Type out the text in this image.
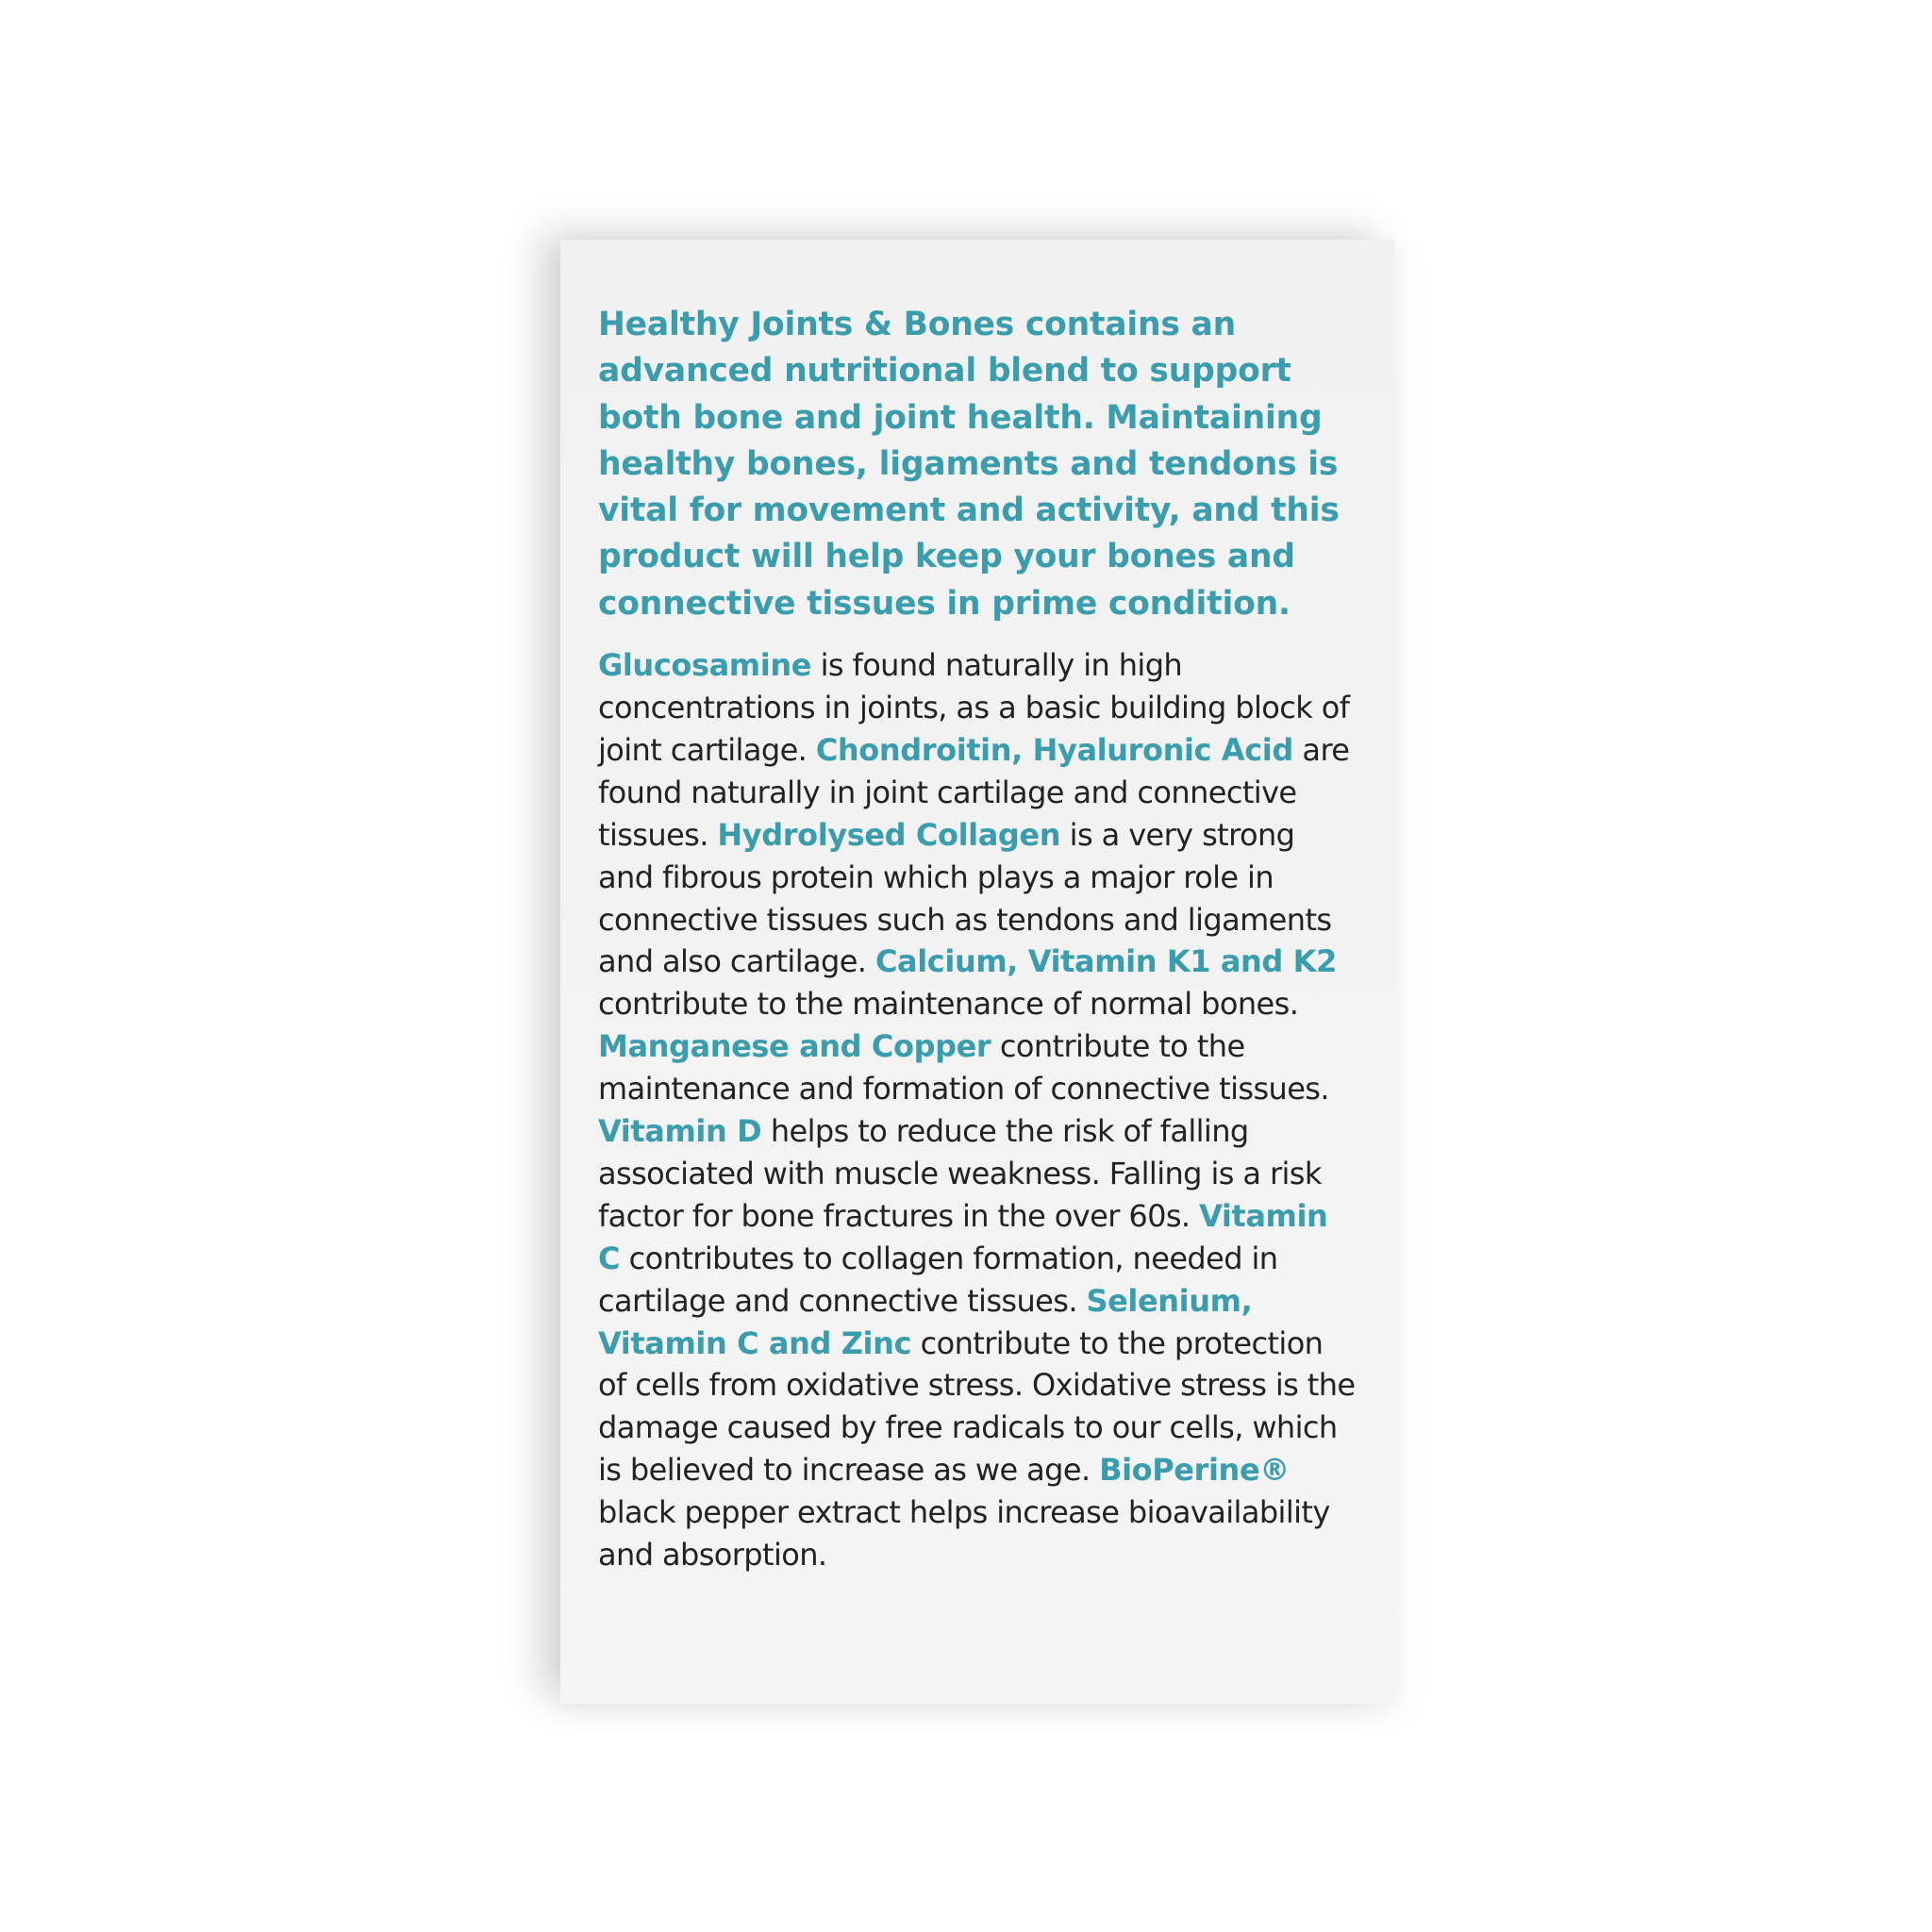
Healthy Joints & Bones contains an advanced nutritional blend to support both bone and joint health. Maintaining healthy bones, ligaments and tendons is vital for movement and activity, and this product will help keep your bones and connective tissues in prime condition.

Glucosamine is found naturally in high concentrations in joints, as a basic building block of joint cartilage. Chondroitin, Hyaluronic Acid are found naturally in joint cartilage and connective tissues. Hydrolysed Collagen is a very strong and fibrous protein which plays a major role in connective tissues such as tendons and ligaments and also cartilage. Calcium, Vitamin K1 and K2 contribute to the maintenance of normal bones. Manganese and Copper contribute to the maintenance and formation of connective tissues. Vitamin D helps to reduce the risk of falling associated with muscle weakness. Falling is a risk factor for bone fractures in the over 60s. Vitamin C contributes to collagen formation, needed in cartilage and connective tissues. Selenium, Vitamin C and Zinc contribute to the protection of cells from oxidative stress. Oxidative stress is the damage caused by free radicals to our cells, which is believed to increase as we age. BioPerine® black pepper extract helps increase bioavailability and absorption.
